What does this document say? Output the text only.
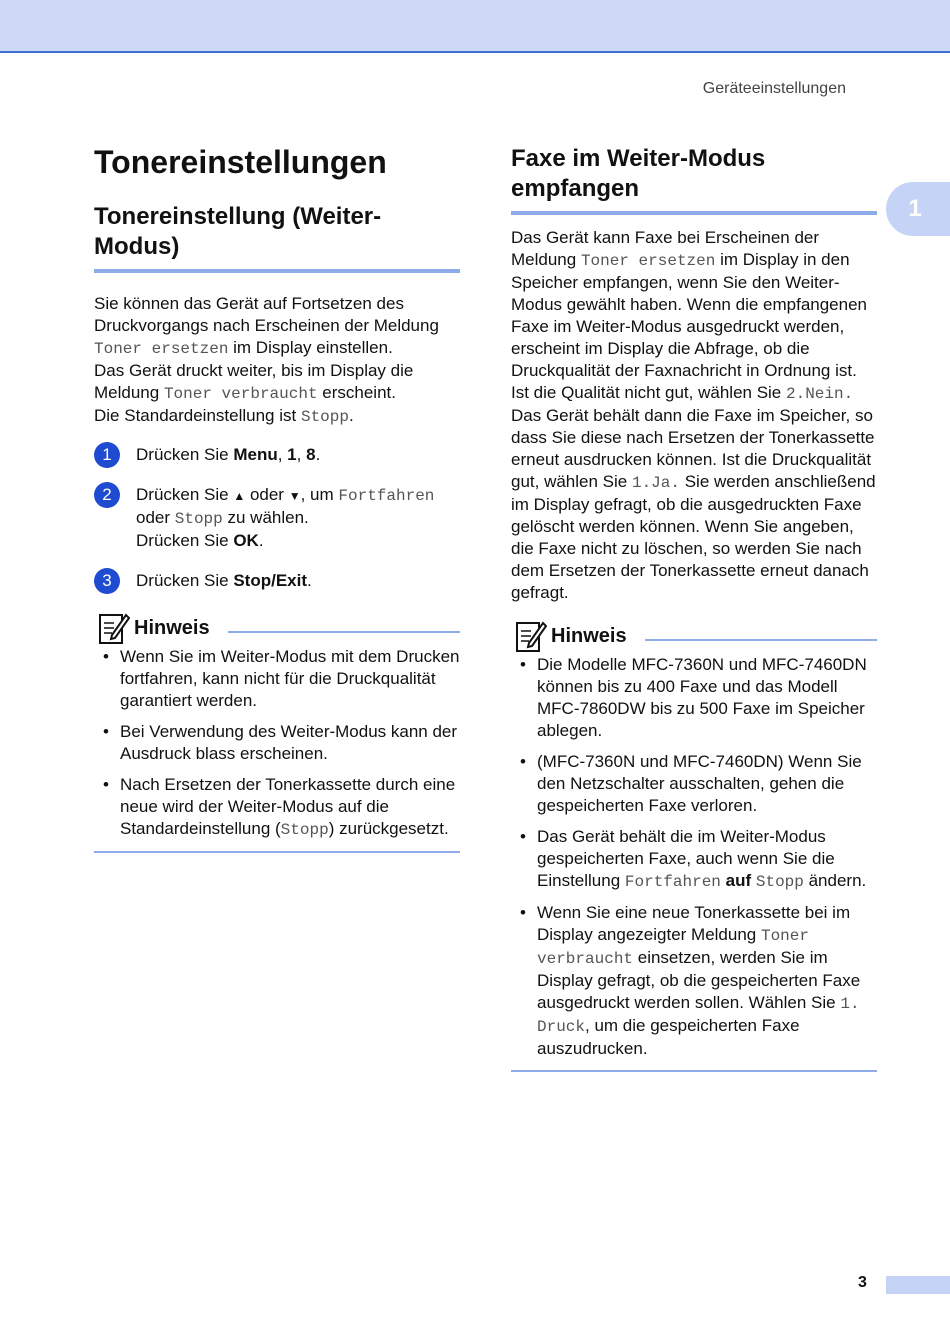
Geräteeinstellungen
1
Tonereinstellungen
Tonereinstellung (Weiter-Modus)

Sie können das Gerät auf Fortsetzen des Druckvorgangs nach Erscheinen der Meldung Toner ersetzen im Display einstellen.
Das Gerät druckt weiter, bis im Display die Meldung Toner verbraucht erscheint.
Die Standardeinstellung ist Stopp.

1	Drücken Sie Menu, 1, 8.
2	Drücken Sie ▲ oder ▼, um Fortfahren
oder Stopp zu wählen.
Drücken Sie OK.
3	Drücken Sie Stop/Exit.
Hinweis
• Wenn Sie im Weiter-Modus mit dem Drucken fortfahren, kann nicht für die Druckqualität garantiert werden.
• Bei Verwendung des Weiter-Modus kann der Ausdruck blass erscheinen.
• Nach Ersetzen der Tonerkassette durch eine neue wird der Weiter-Modus auf die Standardeinstellung (Stopp) zurückgesetzt.
Faxe im Weiter-Modus empfangen

Das Gerät kann Faxe bei Erscheinen der Meldung Toner ersetzen im Display in den Speicher empfangen, wenn Sie den Weiter-Modus gewählt haben. Wenn die empfangenen Faxe im Weiter-Modus ausgedruckt werden, erscheint im Display die Abfrage, ob die Druckqualität der Faxnachricht in Ordnung ist. Ist die Qualität nicht gut, wählen Sie 2.Nein. Das Gerät behält dann die Faxe im Speicher, so dass Sie diese nach Ersetzen der Tonerkassette erneut ausdrucken können. Ist die Druckqualität gut, wählen Sie 1.Ja. Sie werden anschließend im Display gefragt, ob die ausgedruckten Faxe gelöscht werden können. Wenn Sie angeben, die Faxe nicht zu löschen, so werden Sie nach dem Ersetzen der Tonerkassette erneut danach gefragt.

Hinweis
• Die Modelle MFC-7360N und MFC-7460DN können bis zu 400 Faxe und das Modell MFC-7860DW bis zu 500 Faxe im Speicher ablegen.
• (MFC-7360N und MFC-7460DN) Wenn Sie den Netzschalter ausschalten, gehen die gespeicherten Faxe verloren.
• Das Gerät behält die im Weiter-Modus gespeicherten Faxe, auch wenn Sie die Einstellung Fortfahren auf Stopp ändern.
• Wenn Sie eine neue Tonerkassette bei im Display angezeigter Meldung Toner verbraucht einsetzen, werden Sie im Display gefragt, ob die gespeicherten Faxe ausgedruckt werden sollen. Wählen Sie 1. Druck, um die gespeicherten Faxe auszudrucken.
3
